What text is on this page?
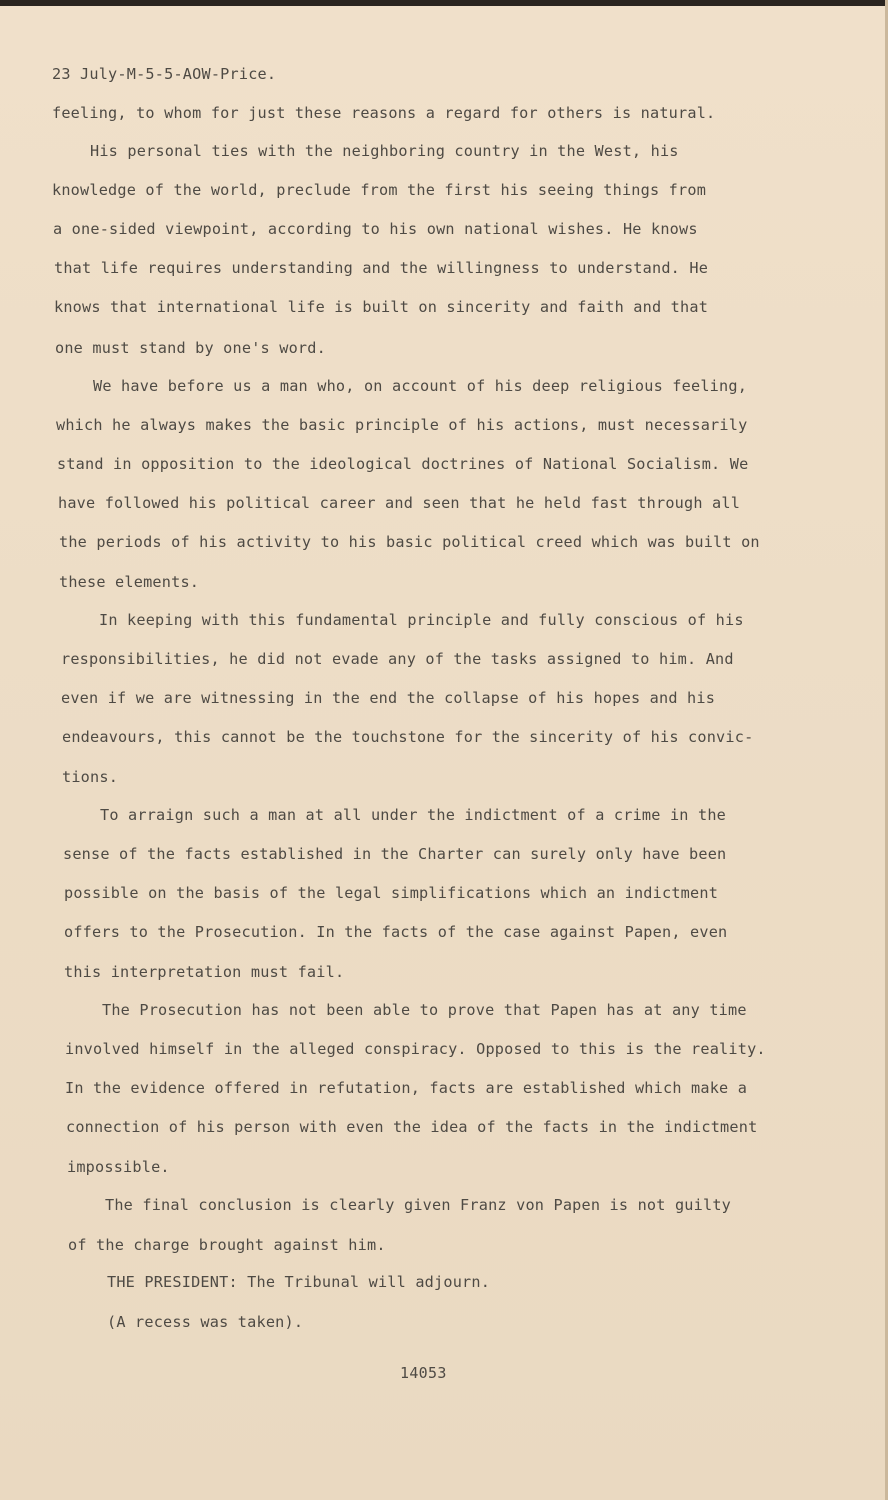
23 July-M-5-5-AOW-Price.
feeling, to whom for just these reasons a regard for others is natural.
His personal ties with the neighboring country in the West, his
knowledge of the world, preclude from the first his seeing things from
a one-sided viewpoint, according to his own national wishes. He knows
that life requires understanding and the willingness to understand. He
knows that international life is built on sincerity and faith and that
one must stand by one's word.
We have before us a man who, on account of his deep religious feeling,
which he always makes the basic principle of his actions, must necessarily
stand in opposition to the ideological doctrines of National Socialism. We
have followed his political career and seen that he held fast through all
the periods of his activity to his basic political creed which was built on
these elements.
In keeping with this fundamental principle and fully conscious of his
responsibilities, he did not evade any of the tasks assigned to him. And
even if we are witnessing in the end the collapse of his hopes and his
endeavours, this cannot be the touchstone for the sincerity of his convic-
tions.
To arraign such a man at all under the indictment of a crime in the
sense of the facts established in the Charter can surely only have been
possible on the basis of the legal simplifications which an indictment
offers to the Prosecution. In the facts of the case against Papen, even
this interpretation must fail.
The Prosecution has not been able to prove that Papen has at any time
involved himself in the alleged conspiracy. Opposed to this is the reality.
In the evidence offered in refutation, facts are established which make a
connection of his person with even the idea of the facts in the indictment
impossible.
The final conclusion is clearly given Franz von Papen is not guilty
of the charge brought against him.
THE PRESIDENT: The Tribunal will adjourn.
(A recess was taken).
14053
